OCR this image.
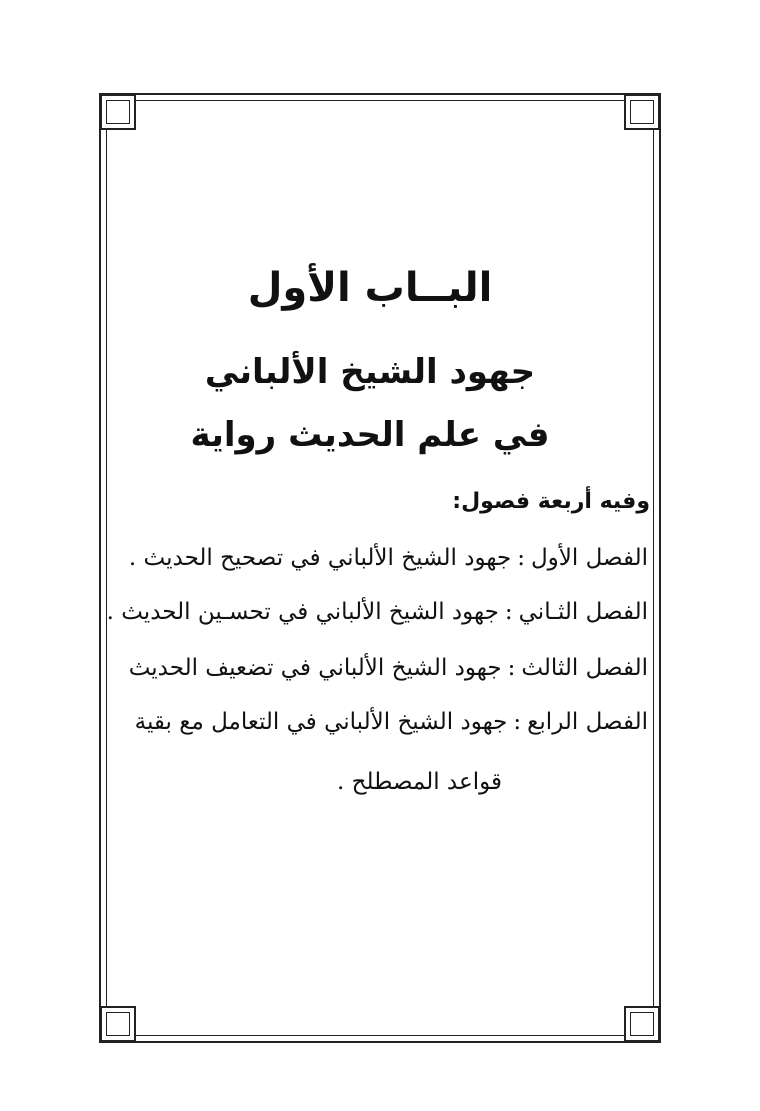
البــاب الأول
جهود الشيخ الألباني
في علم الحديث رواية
وفيه أربعة فصول:
الفصل الأول:جهود الشيخ الألباني في تصحيح الحديث .
الفصل الثـاني:جهود الشيخ الألباني في تحسـين الحديث .
الفصل الثالث:جهود الشيخ الألباني في تضعيف الحديث
الفصل الرابع:جهود الشيخ الألباني في التعامل مع بقية
قواعد المصطلح .
